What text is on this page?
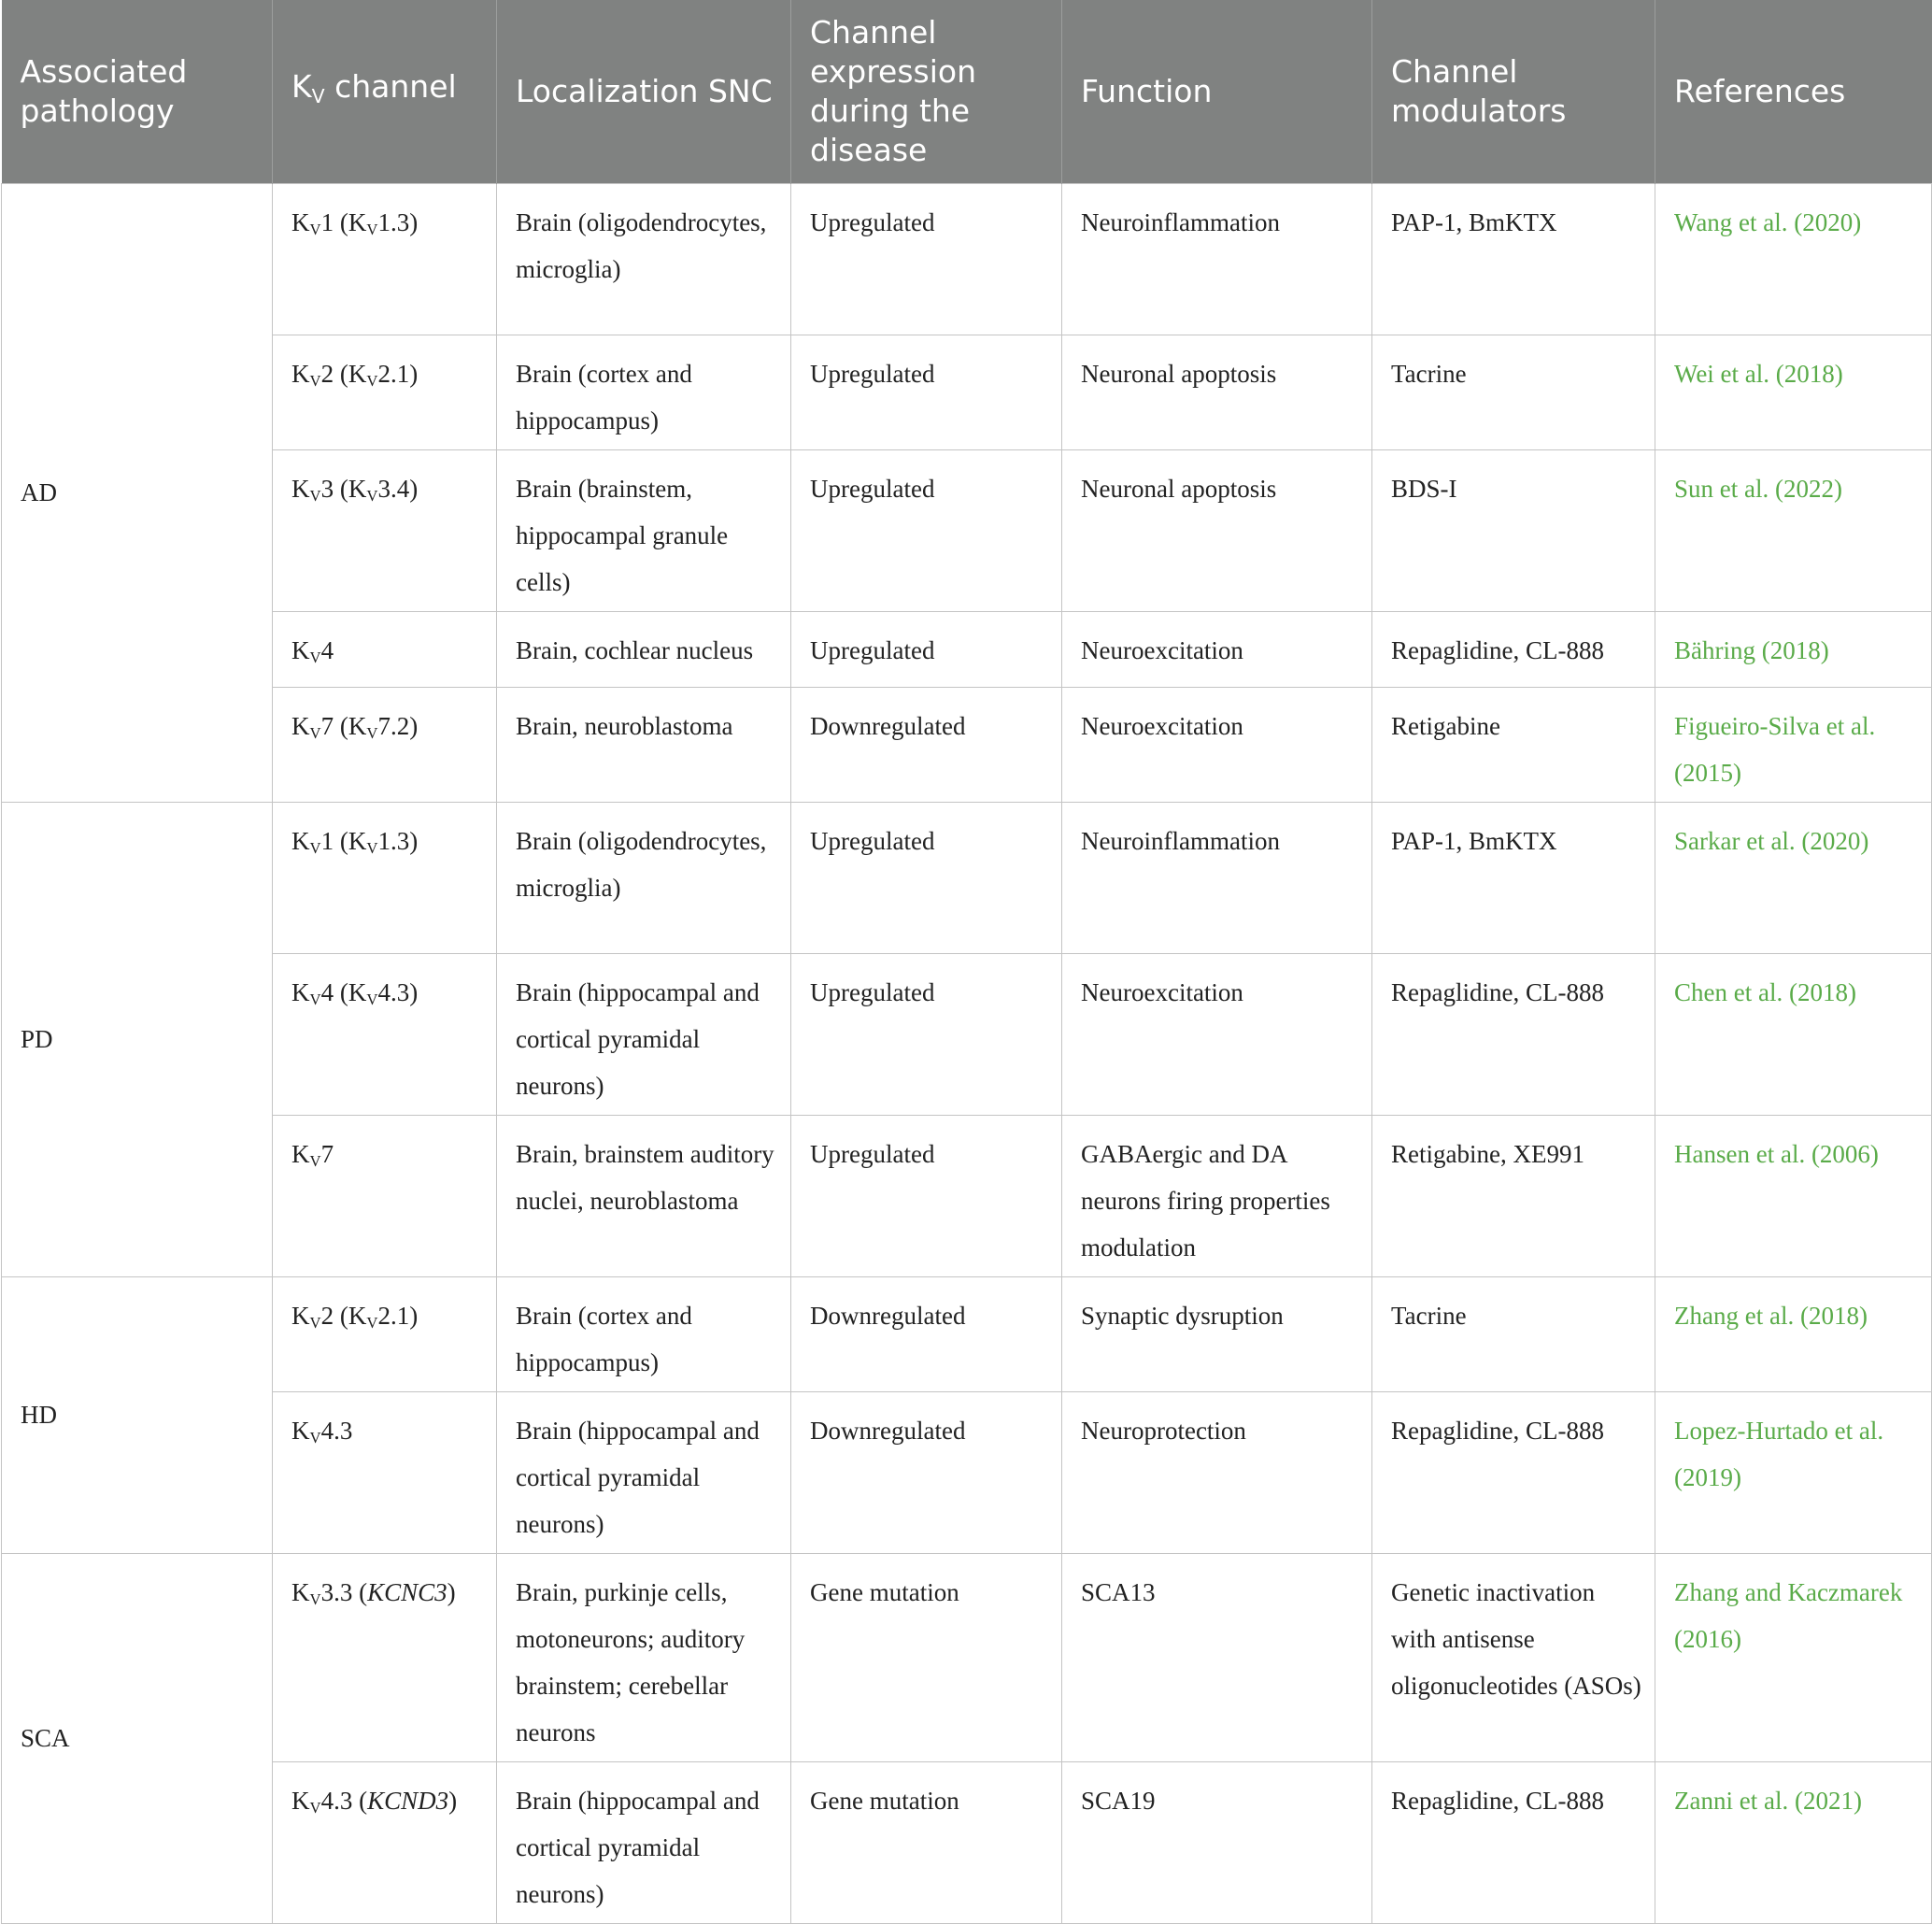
Associated pathology	$K_V$ channel	Localization SNC	Channel expression during the disease	Function	Channel modulators	References
AD	$K_V1$ $(K_V1.3)$	Brain (oligodendrocytes, microglia)	Upregulated	Neuroinflammation	PAP-1, BmKTX	Wang et al. (2020)
	$K_V2$ $(K_V2.1)$	Brain (cortex and hippocampus)	Upregulated	Neuronal apoptosis	Tacrine	Wei et al. (2018)
	$K_V3$ $(K_V3.4)$	Brain (brainstem, hippocampal granule cells)	Upregulated	Neuronal apoptosis	BDS-I	Sun et al. (2022)
	$K_V4$	Brain, cochlear nucleus	Upregulated	Neuroexcitation	Repaglidine, CL-888	Bähring (2018)
	$K_V7$ $(K_V7.2)$	Brain, neuroblastoma	Downregulated	Neuroexcitation	Retigabine	Figueiro-Silva et al. (2015)
PD	$K_V1$ $(K_V1.3)$	Brain (oligodendrocytes, microglia)	Upregulated	Neuroinflammation	PAP-1, BmKTX	Sarkar et al. (2020)
	$K_V4$ $(K_V4.3)$	Brain (hippocampal and cortical pyramidal neurons)	Upregulated	Neuroexcitation	Repaglidine, CL-888	Chen et al. (2018)
	$K_V7$	Brain, brainstem auditory nuclei, neuroblastoma	Upregulated	GABAergic and DA neurons firing properties modulation	Retigabine, XE991	Hansen et al. (2006)
HD	$K_V2$ $(K_V2.1)$	Brain (cortex and hippocampus)	Downregulated	Synaptic dysruption	Tacrine	Zhang et al. (2018)
	$K_V4.3$	Brain (hippocampal and cortical pyramidal neurons)	Downregulated	Neuroprotection	Repaglidine, CL-888	Lopez-Hurtado et al. (2019)
SCA	$K_V3.3$ (KCNC3)	Brain, purkinje cells, motoneurons; auditory brainstem; cerebellar neurons	Gene mutation	SCA13	Genetic inactivation with antisense oligonucleotides (ASOs)	Zhang and Kaczmarek (2016)
	$K_V4.3$ (KCND3)	Brain (hippocampal and cortical pyramidal neurons)	Gene mutation	SCA19	Repaglidine, CL-888	Zanni et al. (2021)
